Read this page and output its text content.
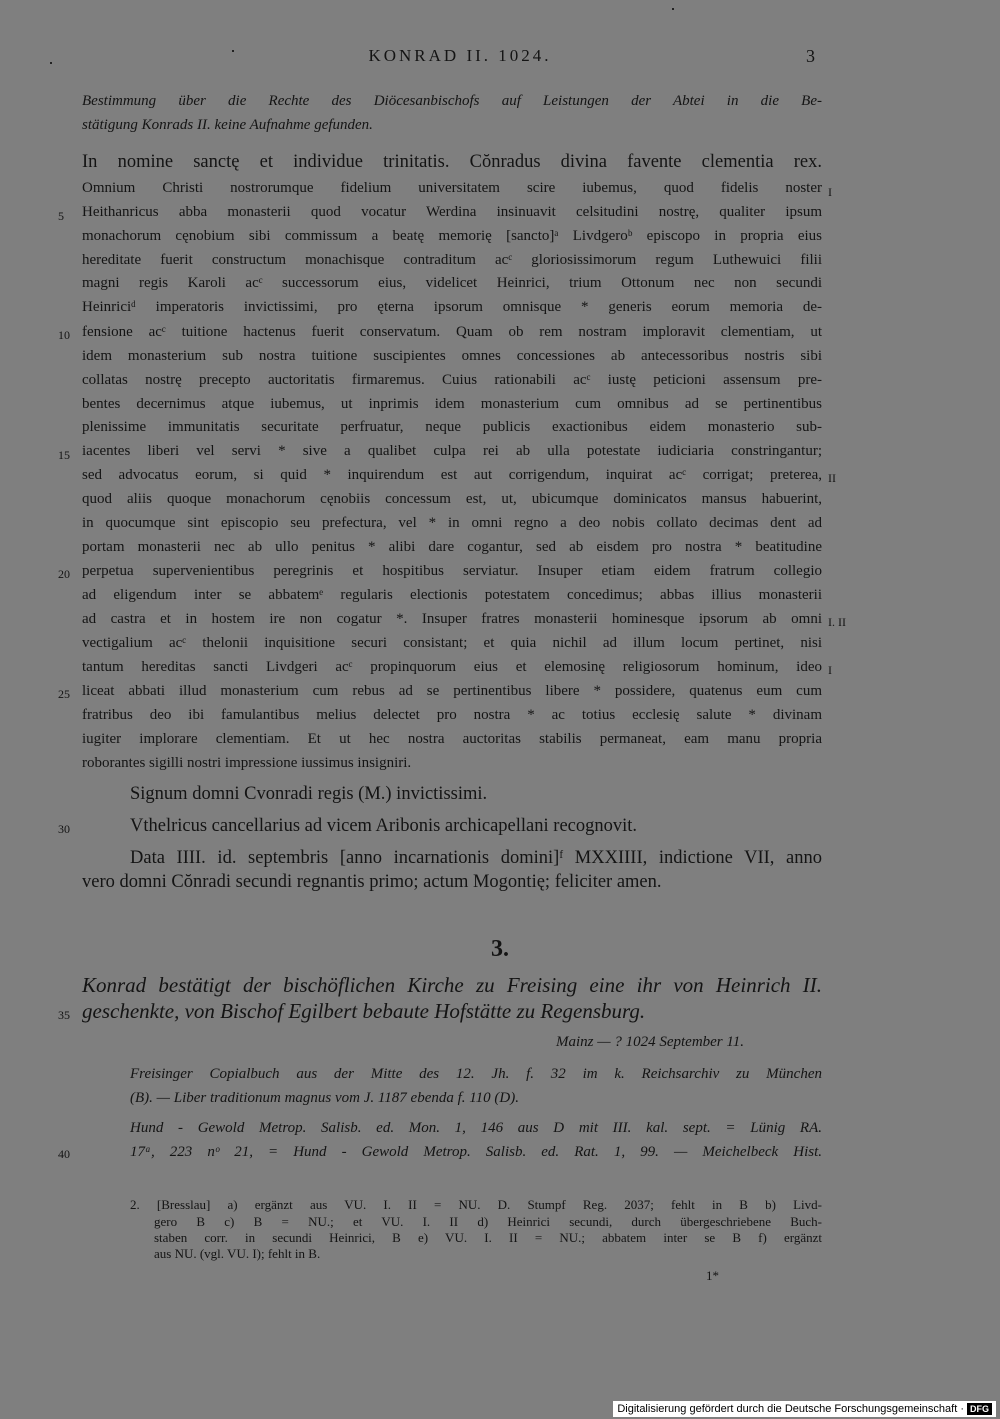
KONRAD II. 1024.	3
Bestimmung über die Rechte des Diöcesanbischofs auf Leistungen der Abtei in die Be-
stätigung Konrads II. keine Aufnahme gefunden.
In nomine sanctę et individue trinitatis. Cŏnradus divina favente clementia rex.
Omnium Christi nostrorumque fidelium universitatem scire iubemus, quod fidelis noster
Heithanricus abba monasterii quod vocatur Werdina insinuavit celsitudini nostrę, qualiter ipsum
monachorum cęnobium sibi commissum a beatę memorię [sancto]ᵃ Livdgeroᵇ episcopo in propria eius
hereditate fuerit constructum monachisque contraditum acᶜ gloriosissimorum regum Luthewuici filii
magni regis Karoli acᶜ successorum eius, videlicet Heinrici, trium Ottonum nec non secundi
Heinriciᵈ imperatoris invictissimi, pro ęterna ipsorum omnisque * generis eorum memoria de-
fensione acᶜ tuitione hactenus fuerit conservatum. Quam ob rem nostram imploravit clementiam, ut
idem monasterium sub nostra tuitione suscipientes omnes concessiones ab antecessoribus nostris sibi
collatas nostrę precepto auctoritatis firmaremus. Cuius rationabili acᶜ iustę peticioni assensum pre-
bentes decernimus atque iubemus, ut inprimis idem monasterium cum omnibus ad se pertinentibus
plenissime immunitatis securitate perfruatur, neque publicis exactionibus eidem monasterio sub-
iacentes liberi vel servi * sive a qualibet culpa rei ab ulla potestate iudiciaria constringantur;
sed advocatus eorum, si quid * inquirendum est aut corrigendum, inquirat acᶜ corrigat; preterea,
quod aliis quoque monachorum cęnobiis concessum est, ut, ubicumque dominicatos mansus habuerint,
in quocumque sint episcopio seu prefectura, vel * in omni regno a deo nobis collato decimas dent ad
portam monasterii nec ab ullo penitus * alibi dare cogantur, sed ab eisdem pro nostra * beatitudine
perpetua supervenientibus peregrinis et hospitibus serviatur. Insuper etiam eidem fratrum collegio
ad eligendum inter se abbatemᵉ regularis electionis potestatem concedimus; abbas illius monasterii
ad castra et in hostem ire non cogatur *. Insuper fratres monasterii hominesque ipsorum ab omni
vectigalium acᶜ thelonii inquisitione securi consistant; et quia nichil ad illum locum pertinet, nisi
tantum hereditas sancti Livdgeri acᶜ propinquorum eius et elemosinę religiosorum hominum, ideo
liceat abbati illud monasterium cum rebus ad se pertinentibus libere * possidere, quatenus eum cum
fratribus deo ibi famulantibus melius delectet pro nostra * ac totius ecclesię salute * divinam
iugiter implorare clementiam. Et ut hec nostra auctoritas stabilis permaneat, eam manu propria
roborantes sigilli nostri impressione iussimus insigniri.
5
10
15
20
25
30
35
40
I
II
I. II
I
Signum domni Cvonradi regis (M.) invictissimi.
Vthelricus cancellarius ad vicem Aribonis archicapellani recognovit.
Data IIII. id. septembris [anno incarnationis domini]ᶠ MXXIIII, indictione VII, anno
vero domni Cŏnradi secundi regnantis primo; actum Mogontię; feliciter amen.
3.
Konrad bestätigt der bischöflichen Kirche zu Freising eine ihr von Heinrich II.
geschenkte, von Bischof Egilbert bebaute Hofstätte zu Regensburg.
Mainz — ? 1024 September 11.
Freisinger Copialbuch aus der Mitte des 12. Jh. f. 32 im k. Reichsarchiv zu München
(B). — Liber traditionum magnus vom J. 1187 ebenda f. 110 (D).
Hund - Gewold Metrop. Salisb. ed. Mon. 1, 146 aus D mit III. kal. sept. = Lünig RA.
17ᵃ, 223 nᵒ 21, = Hund - Gewold Metrop. Salisb. ed. Rat. 1, 99. — Meichelbeck Hist.
2. [Bresslau] a) ergänzt aus VU. I. II = NU. D. Stumpf Reg. 2037; fehlt in B b) Livd-
gero B c) B = NU.; et VU. I. II d) Heinrici secundi, durch übergeschriebene Buch-
staben corr. in secundi Heinrici, B e) VU. I. II = NU.; abbatem inter se B f) ergänzt
aus NU. (vgl. VU. I); fehlt in B.
1*
Digitalisierung gefördert durch die Deutsche Forschungsgemeinschaft · DFG
